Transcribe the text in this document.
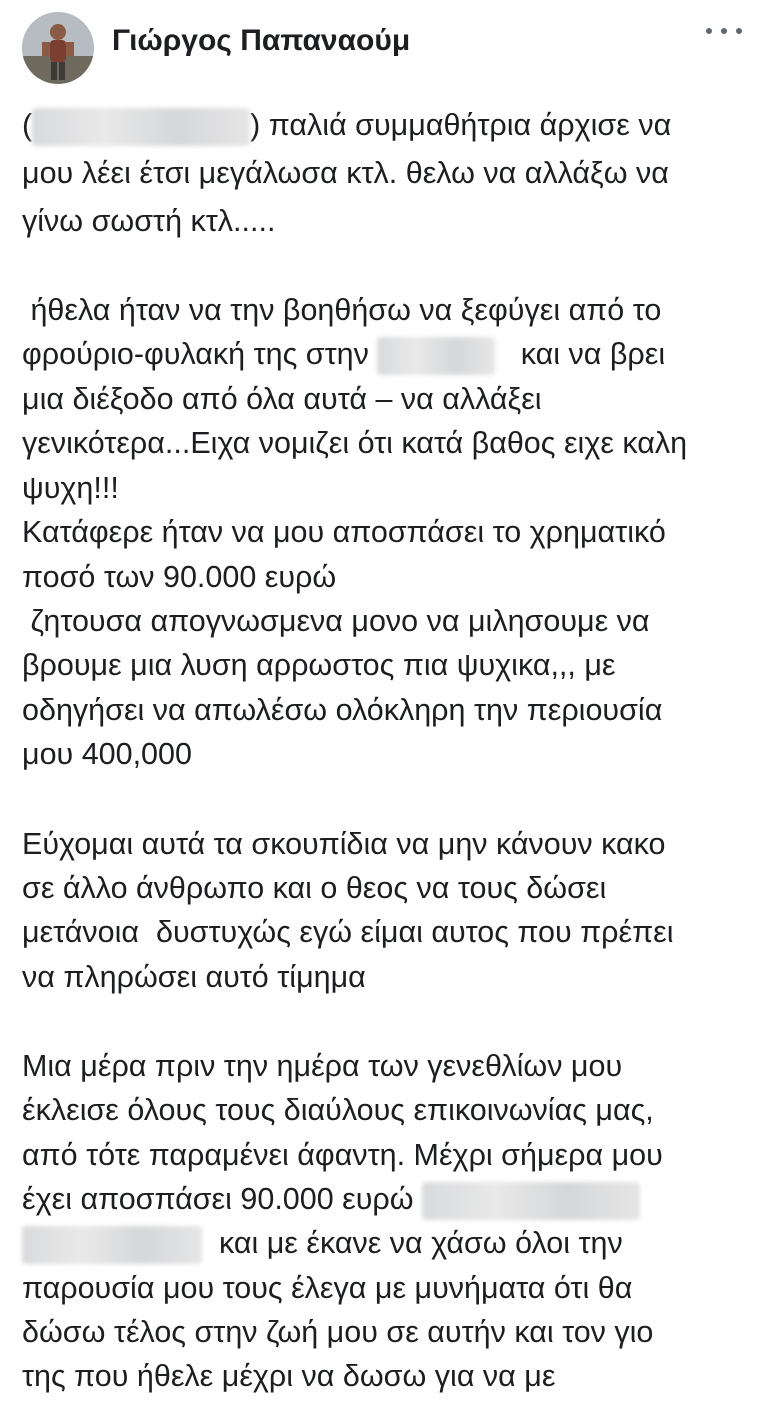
Γιώργος Παπαναούμ
(	) παλιά συμμαθήτρια άρχισε να
μου λέει έτσι μεγάλωσα κτλ. θελω να αλλάξω να
γίνω σωστή κτλ.....
ήθελα ήταν να την βοηθήσω να ξεφύγει από το
φρούριο-φυλακή της στην	και να βρει
μια διέξοδο από όλα αυτά – να αλλάξει
γενικότερα...Ειχα νομιζει ότι κατά βαθος ειχε καλη
ψυχη!!!
Κατάφερε ήταν να μου αποσπάσει το χρηματικό
ποσό των 90.000 ευρώ
ζητουσα απογνωσμενα μονο να μιλησουμε να
βρουμε μια λυση αρρωστος πια ψυχικα,,, με
οδηγήσει να απωλέσω ολόκληρη την περιουσία
μου 400,000
Εύχομαι αυτά τα σκουπίδια να μην κάνουν κακο
σε άλλο άνθρωπο και ο θεος να τους δώσει
μετάνοια  δυστυχώς εγώ είμαι αυτος που πρέπει
να πληρώσει αυτό τίμημα
Μια μέρα πριν την ημέρα των γενεθλίων μου
έκλεισε όλους τους διαύλους επικοινωνίας μας,
από τότε παραμένει άφαντη. Μέχρι σήμερα μου
έχει αποσπάσει 90.000 ευρώ
και με έκανε να χάσω όλοι την
παρουσία μου τους έλεγα με μυνήματα ότι θα
δώσω τέλος στην ζωή μου σε αυτήν και τον γιο
της που ήθελε μέχρι να δωσω για να με
